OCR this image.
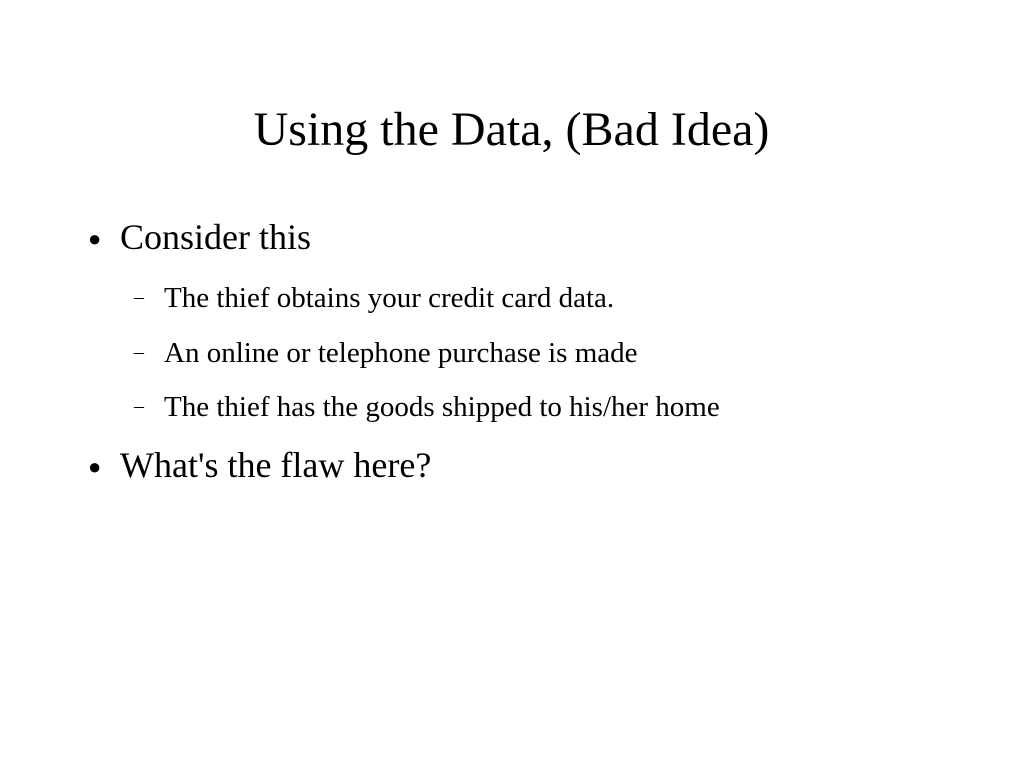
Using the Data, (Bad Idea)
● Consider this
– The thief obtains your credit card data.
– An online or telephone purchase is made
– The thief has the goods shipped to his/her home
● What's the flaw here?
